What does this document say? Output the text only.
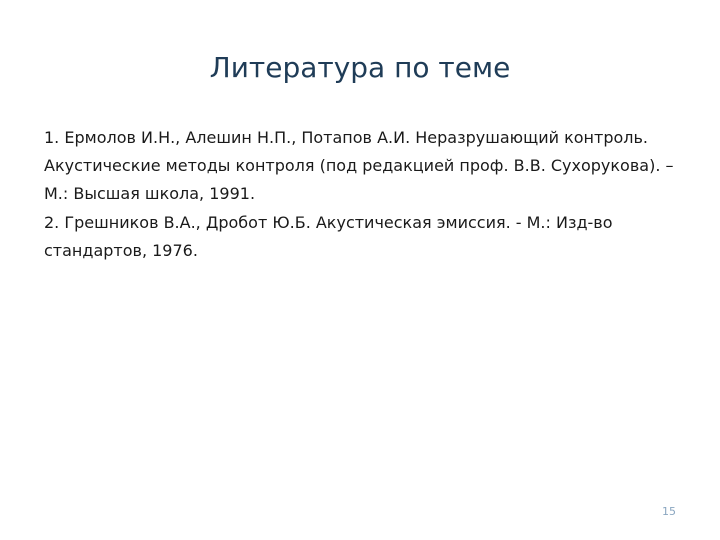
Литература по теме
1. Ермолов И.Н., Алешин Н.П., Потапов А.И. Неразрушающий контроль. Акустические методы контроля (под редакцией проф. В.В. Сухорукова). – М.: Высшая школа, 1991.
2. Грешников В.А., Дробот Ю.Б. Акустическая эмиссия. - М.: Изд-во стандартов, 1976.
15
